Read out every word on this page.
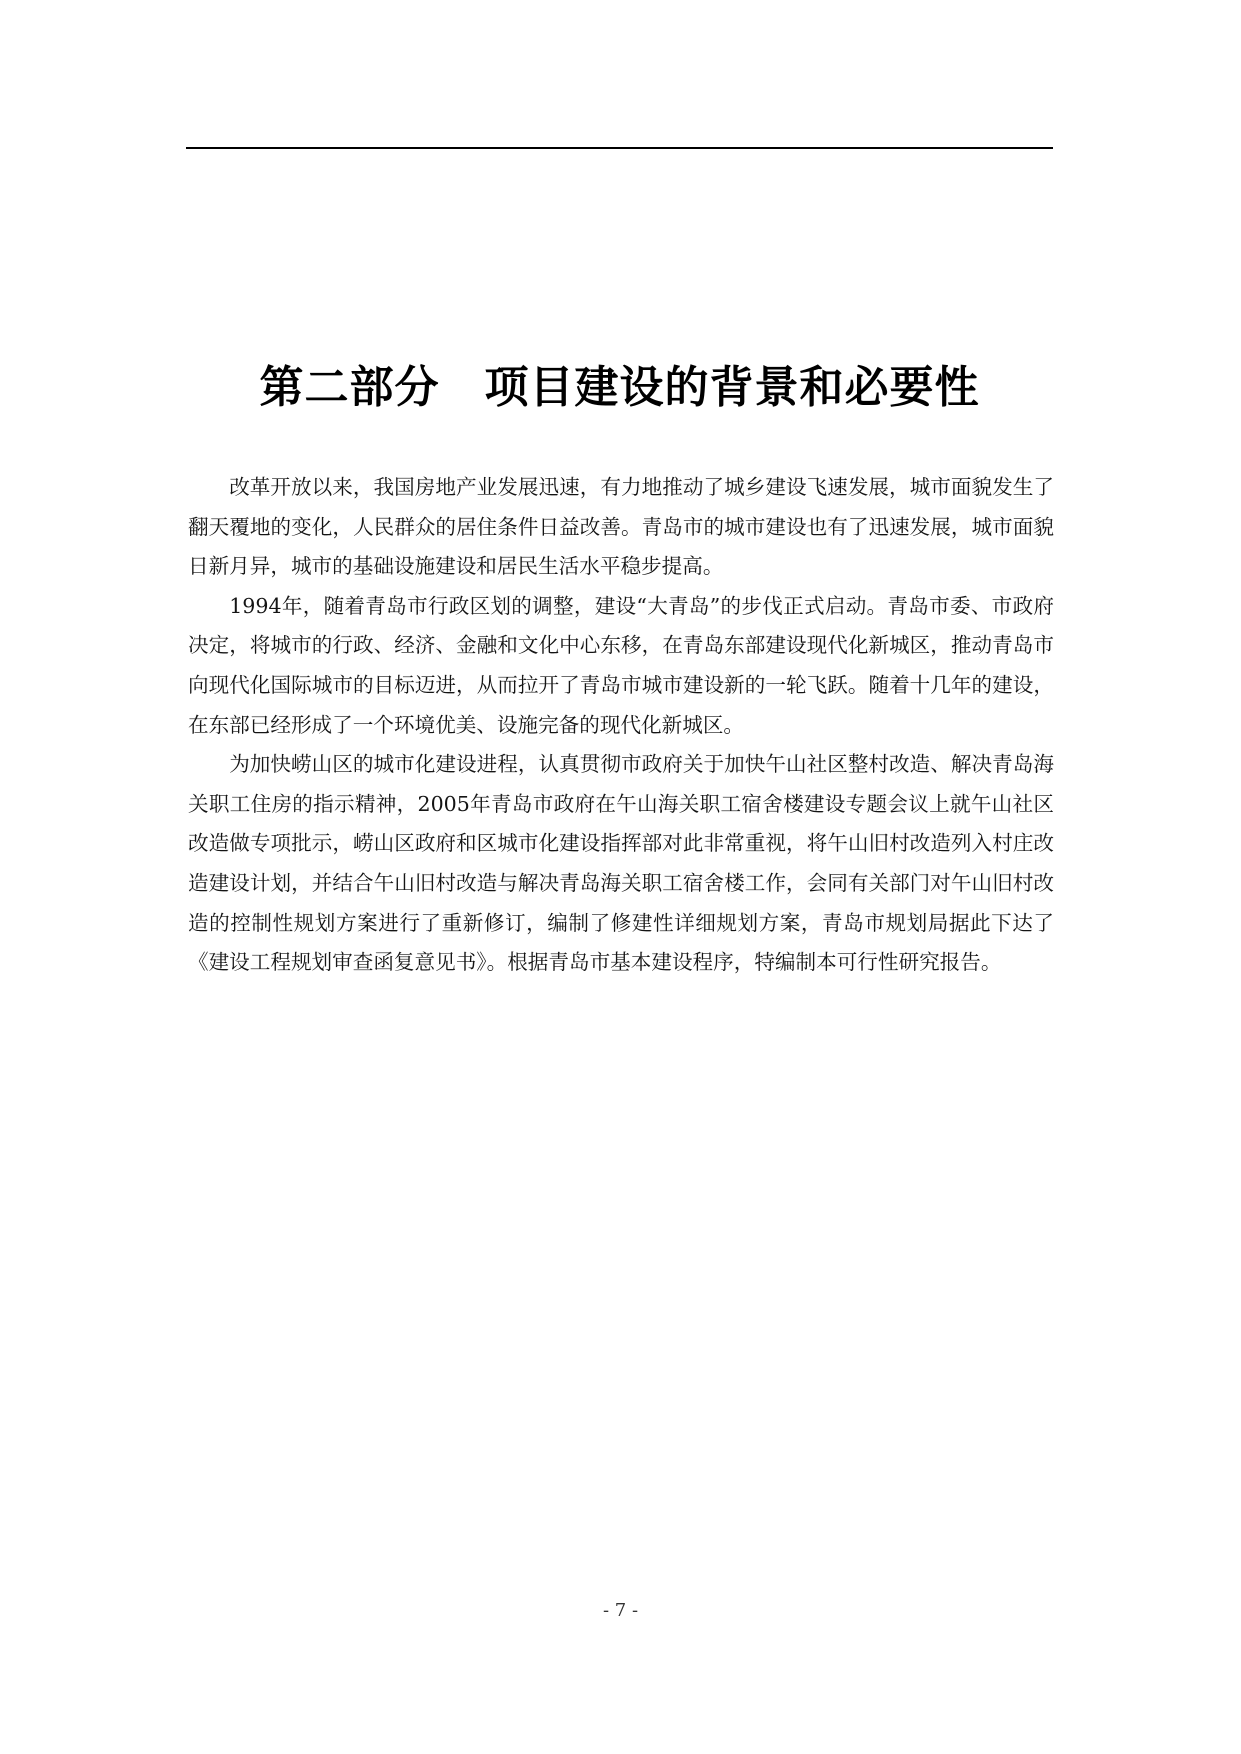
第二部分　项目建设的背景和必要性

改革开放以来，我国房地产业发展迅速，有力地推动了城乡建设飞速发展，城市面貌发生了翻天覆地的变化，人民群众的居住条件日益改善。青岛市的城市建设也有了迅速发展，城市面貌日新月异，城市的基础设施建设和居民生活水平稳步提高。

1994年，随着青岛市行政区划的调整，建设“大青岛”的步伐正式启动。青岛市委、市政府决定，将城市的行政、经济、金融和文化中心东移，在青岛东部建设现代化新城区，推动青岛市向现代化国际城市的目标迈进，从而拉开了青岛市城市建设新的一轮飞跃。随着十几年的建设，在东部已经形成了一个环境优美、设施完备的现代化新城区。

为加快崂山区的城市化建设进程，认真贯彻市政府关于加快午山社区整村改造、解决青岛海关职工住房的指示精神，2005年青岛市政府在午山海关职工宿舍楼建设专题会议上就午山社区改造做专项批示，崂山区政府和区城市化建设指挥部对此非常重视，将午山旧村改造列入村庄改造建设计划，并结合午山旧村改造与解决青岛海关职工宿舍楼工作，会同有关部门对午山旧村改造的控制性规划方案进行了重新修订，编制了修建性详细规划方案，青岛市规划局据此下达了《建设工程规划审查函复意见书》。根据青岛市基本建设程序，特编制本可行性研究报告。

- 7 -
